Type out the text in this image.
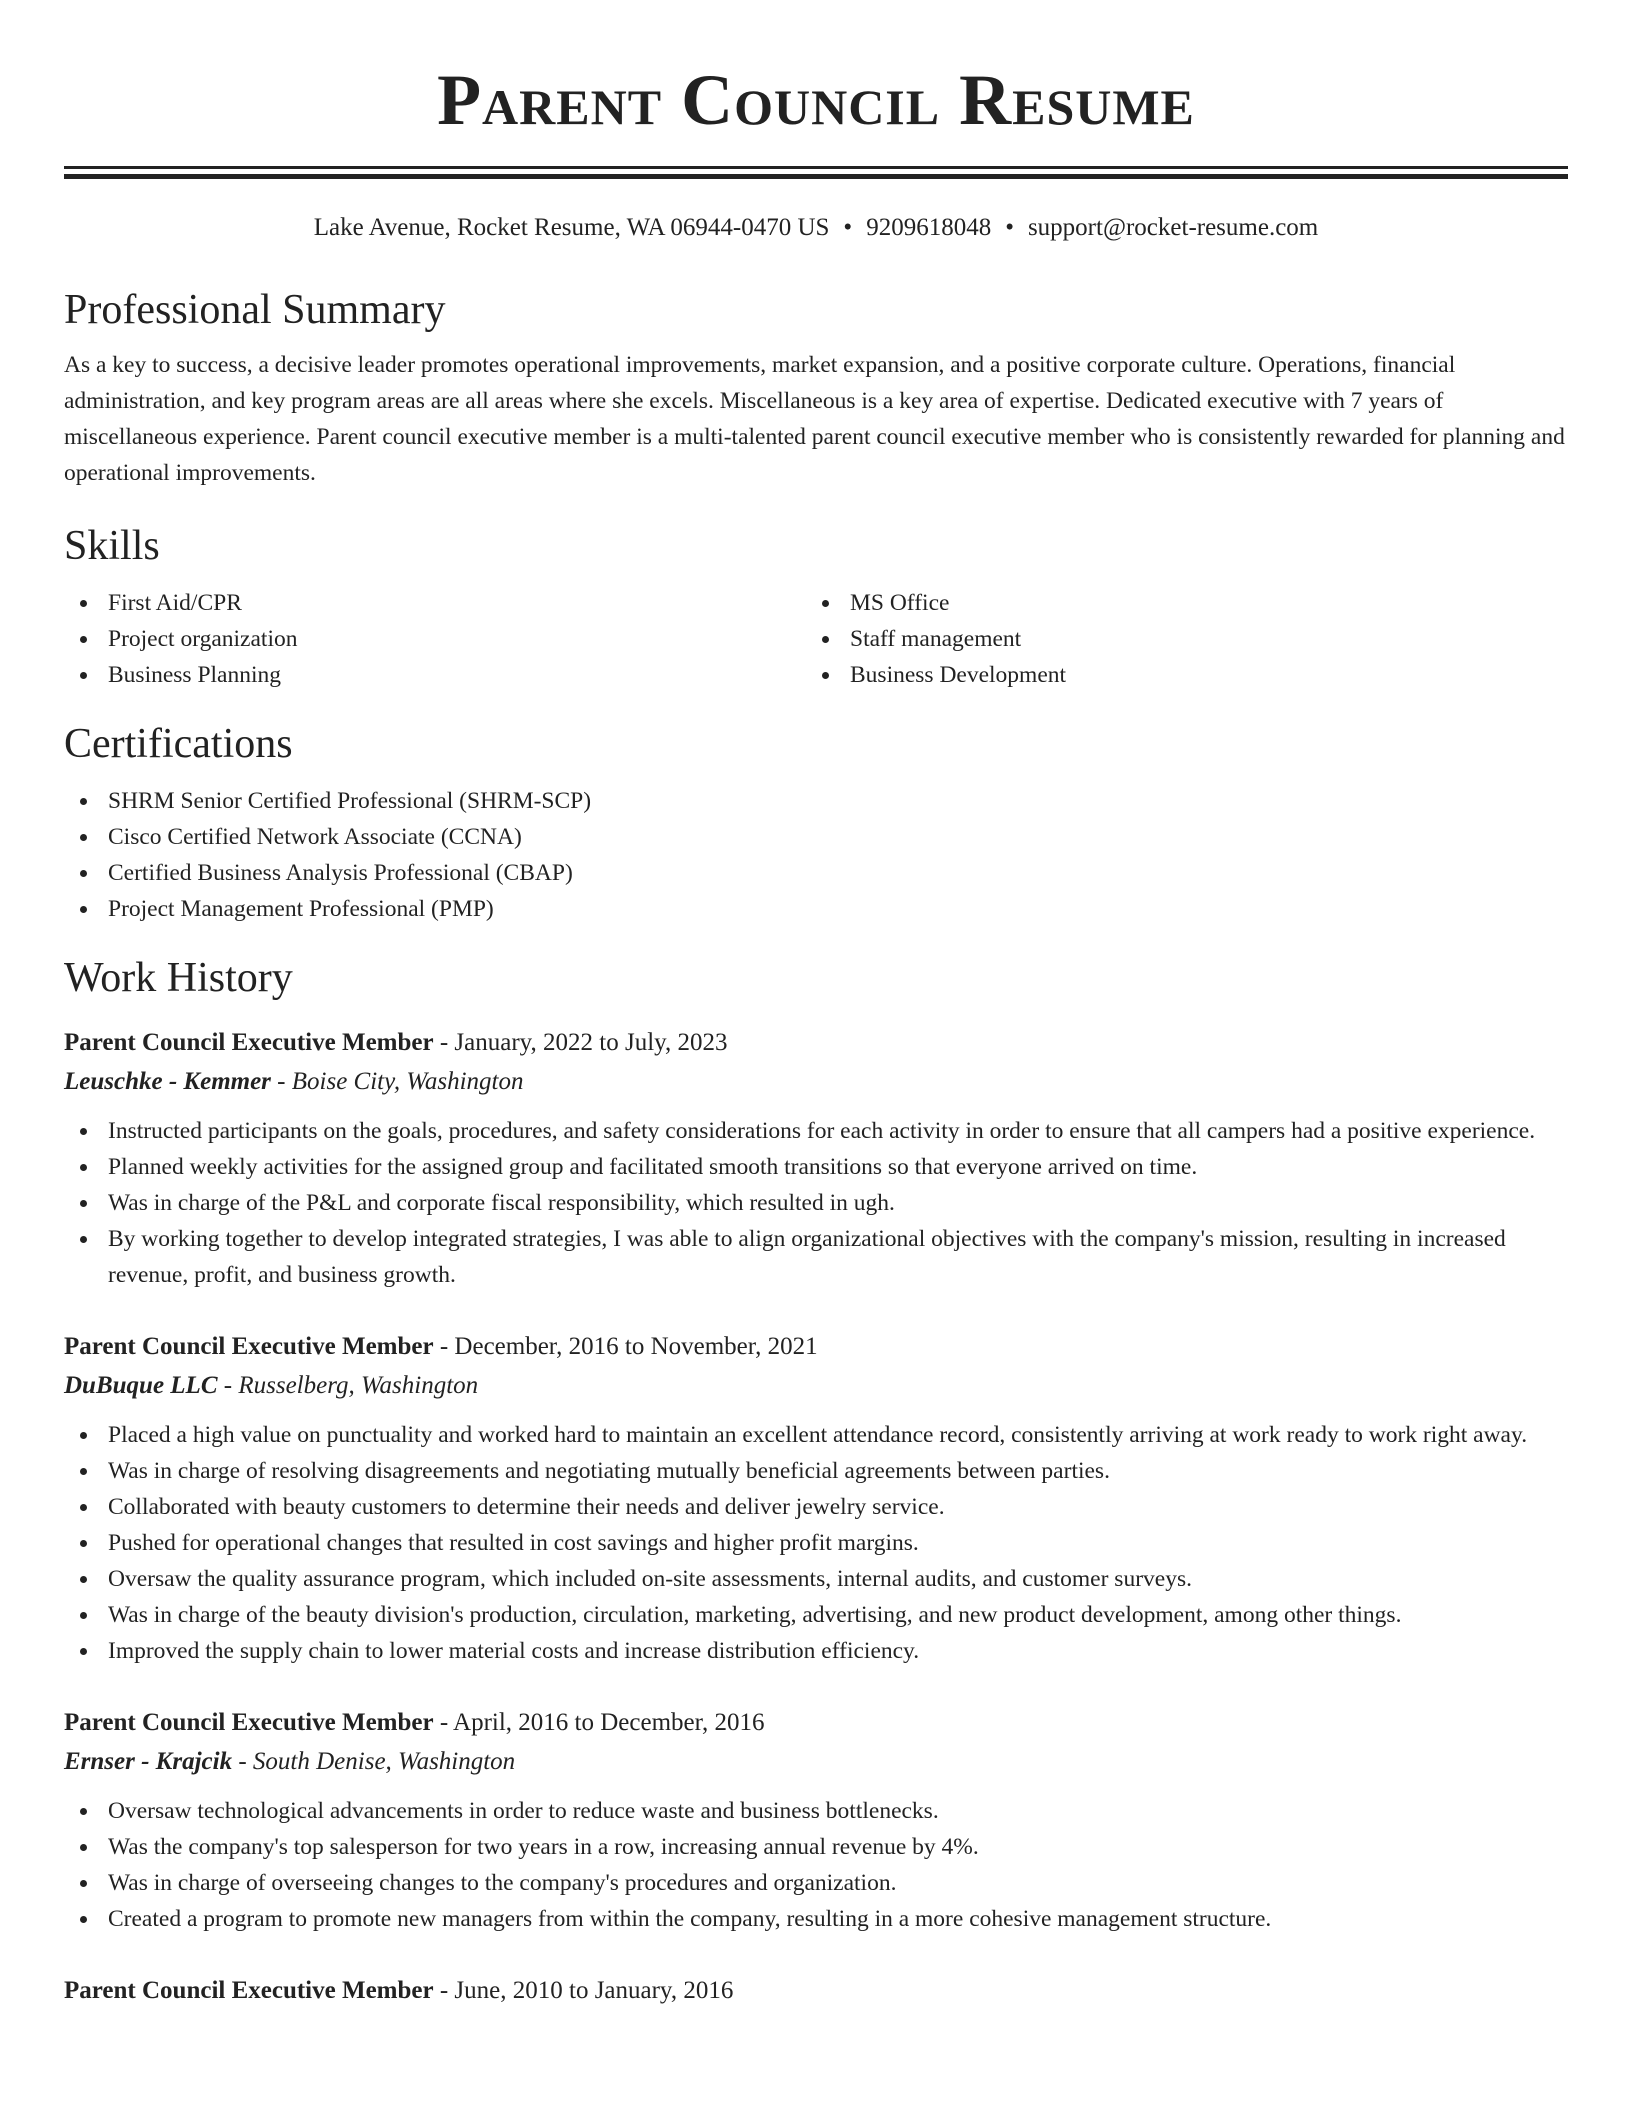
Parent Council Resume
Lake Avenue, Rocket Resume, WA 06944-0470 US • 9209618048 • support@rocket-resume.com
Professional Summary

As a key to success, a decisive leader promotes operational improvements, market expansion, and a positive corporate culture. Operations, financial administration, and key program areas are all areas where she excels. Miscellaneous is a key area of expertise. Dedicated executive with 7 years of miscellaneous experience. Parent council executive member is a multi-talented parent council executive member who is consistently rewarded for planning and operational improvements.

Skills
First Aid/CPR
Project organization
Business Planning
MS Office
Staff management
Business Development
Certifications
SHRM Senior Certified Professional (SHRM-SCP)
Cisco Certified Network Associate (CCNA)
Certified Business Analysis Professional (CBAP)
Project Management Professional (PMP)
Work History
Parent Council Executive Member - January, 2022 to July, 2023
Leuschke - Kemmer - Boise City, Washington
Instructed participants on the goals, procedures, and safety considerations for each activity in order to ensure that all campers had a positive experience.
Planned weekly activities for the assigned group and facilitated smooth transitions so that everyone arrived on time.
Was in charge of the P&L and corporate fiscal responsibility, which resulted in ugh.
By working together to develop integrated strategies, I was able to align organizational objectives with the company's mission, resulting in increased revenue, profit, and business growth.
Parent Council Executive Member - December, 2016 to November, 2021
DuBuque LLC - Russelberg, Washington
Placed a high value on punctuality and worked hard to maintain an excellent attendance record, consistently arriving at work ready to work right away.
Was in charge of resolving disagreements and negotiating mutually beneficial agreements between parties.
Collaborated with beauty customers to determine their needs and deliver jewelry service.
Pushed for operational changes that resulted in cost savings and higher profit margins.
Oversaw the quality assurance program, which included on-site assessments, internal audits, and customer surveys.
Was in charge of the beauty division's production, circulation, marketing, advertising, and new product development, among other things.
Improved the supply chain to lower material costs and increase distribution efficiency.
Parent Council Executive Member - April, 2016 to December, 2016
Ernser - Krajcik - South Denise, Washington
Oversaw technological advancements in order to reduce waste and business bottlenecks.
Was the company's top salesperson for two years in a row, increasing annual revenue by 4%.
Was in charge of overseeing changes to the company's procedures and organization.
Created a program to promote new managers from within the company, resulting in a more cohesive management structure.
Parent Council Executive Member - June, 2010 to January, 2016
